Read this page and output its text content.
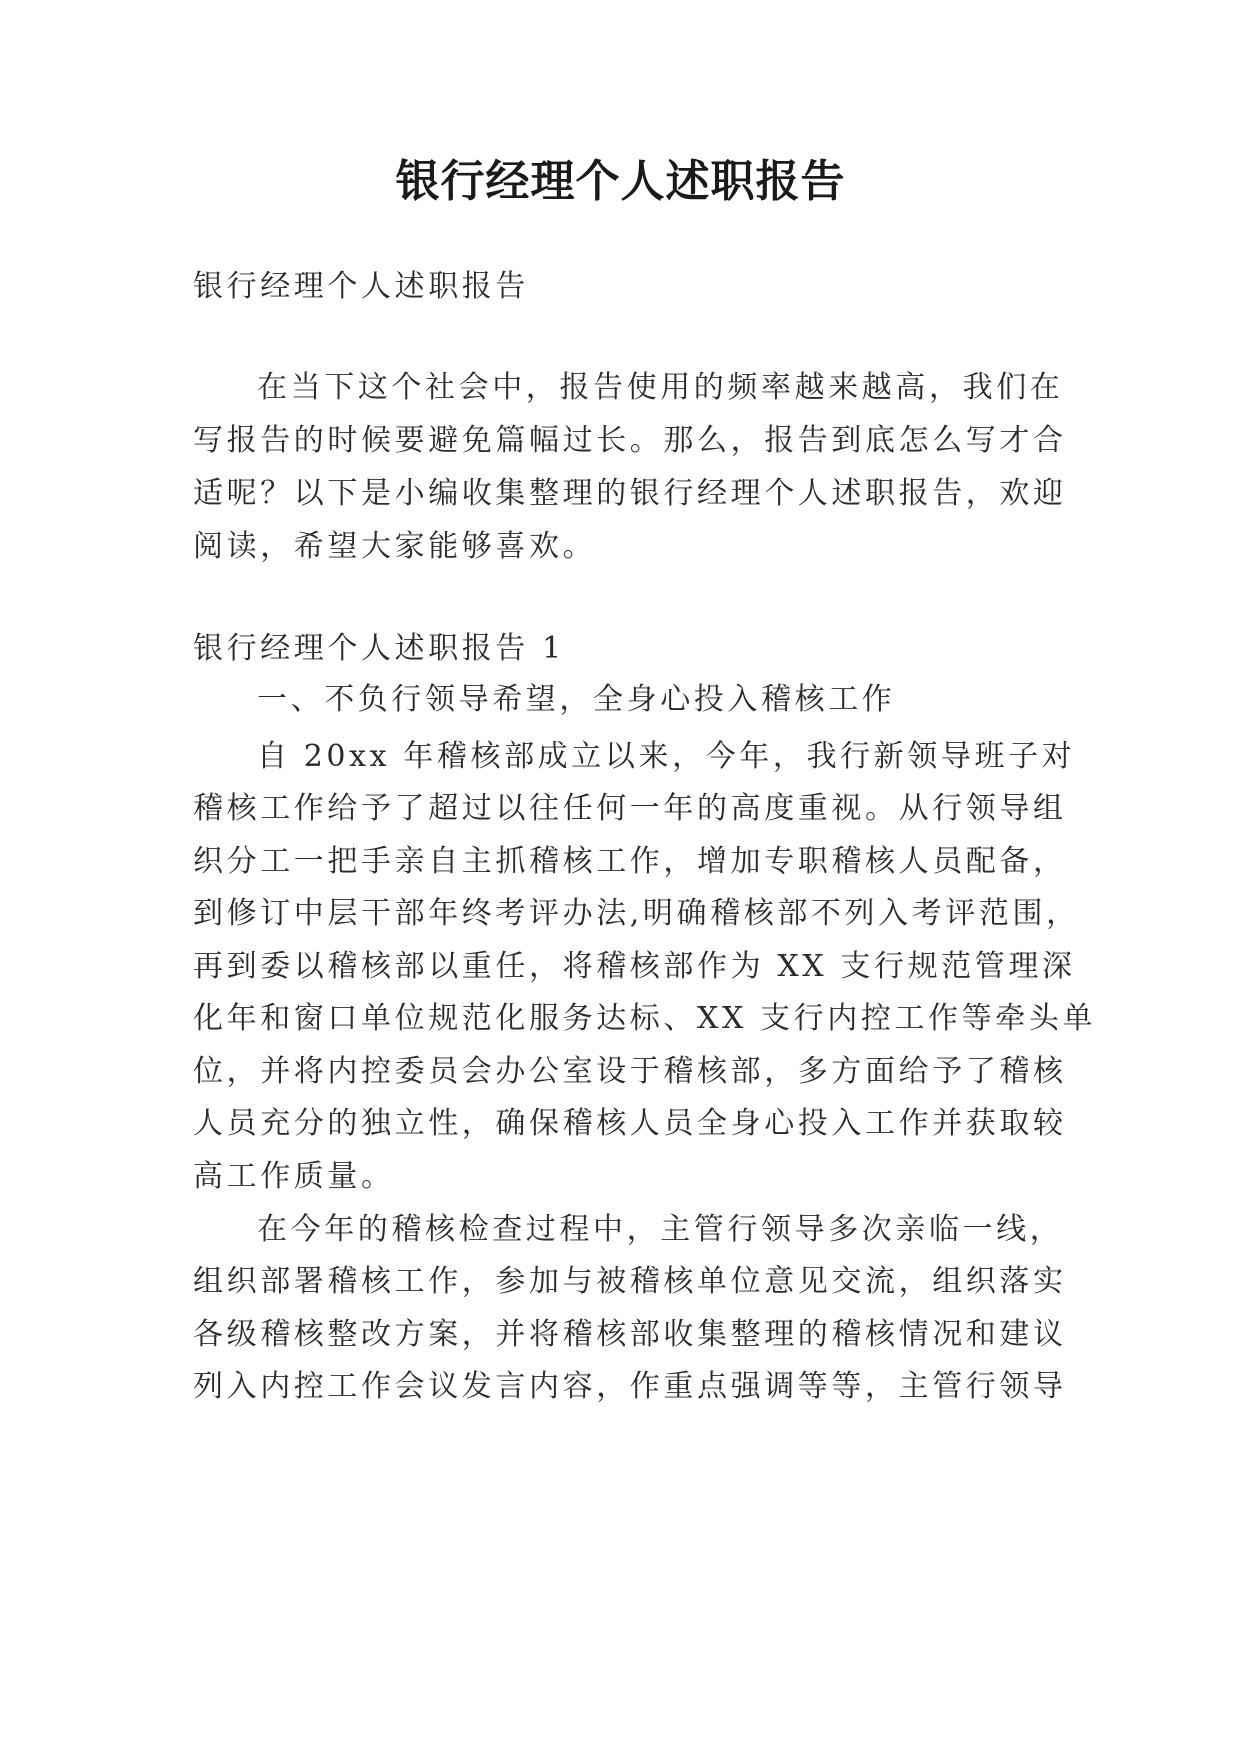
银行经理个人述职报告
银行经理个人述职报告
在当下这个社会中，报告使用的频率越来越高，我们在
写报告的时候要避免篇幅过长。那么，报告到底怎么写才合
适呢？以下是小编收集整理的银行经理个人述职报告，欢迎
阅读，希望大家能够喜欢。
银行经理个人述职报告 1
一、不负行领导希望，全身心投入稽核工作
自 20xx 年稽核部成立以来，今年，我行新领导班子对
稽核工作给予了超过以往任何一年的高度重视。从行领导组
织分工一把手亲自主抓稽核工作，增加专职稽核人员配备，
到修订中层干部年终考评办法,明确稽核部不列入考评范围，
再到委以稽核部以重任，将稽核部作为 XX 支行规范管理深
化年和窗口单位规范化服务达标、XX 支行内控工作等牵头单
位，并将内控委员会办公室设于稽核部，多方面给予了稽核
人员充分的独立性，确保稽核人员全身心投入工作并获取较
高工作质量。
在今年的稽核检查过程中，主管行领导多次亲临一线，
组织部署稽核工作，参加与被稽核单位意见交流，组织落实
各级稽核整改方案，并将稽核部收集整理的稽核情况和建议
列入内控工作会议发言内容，作重点强调等等，主管行领导
